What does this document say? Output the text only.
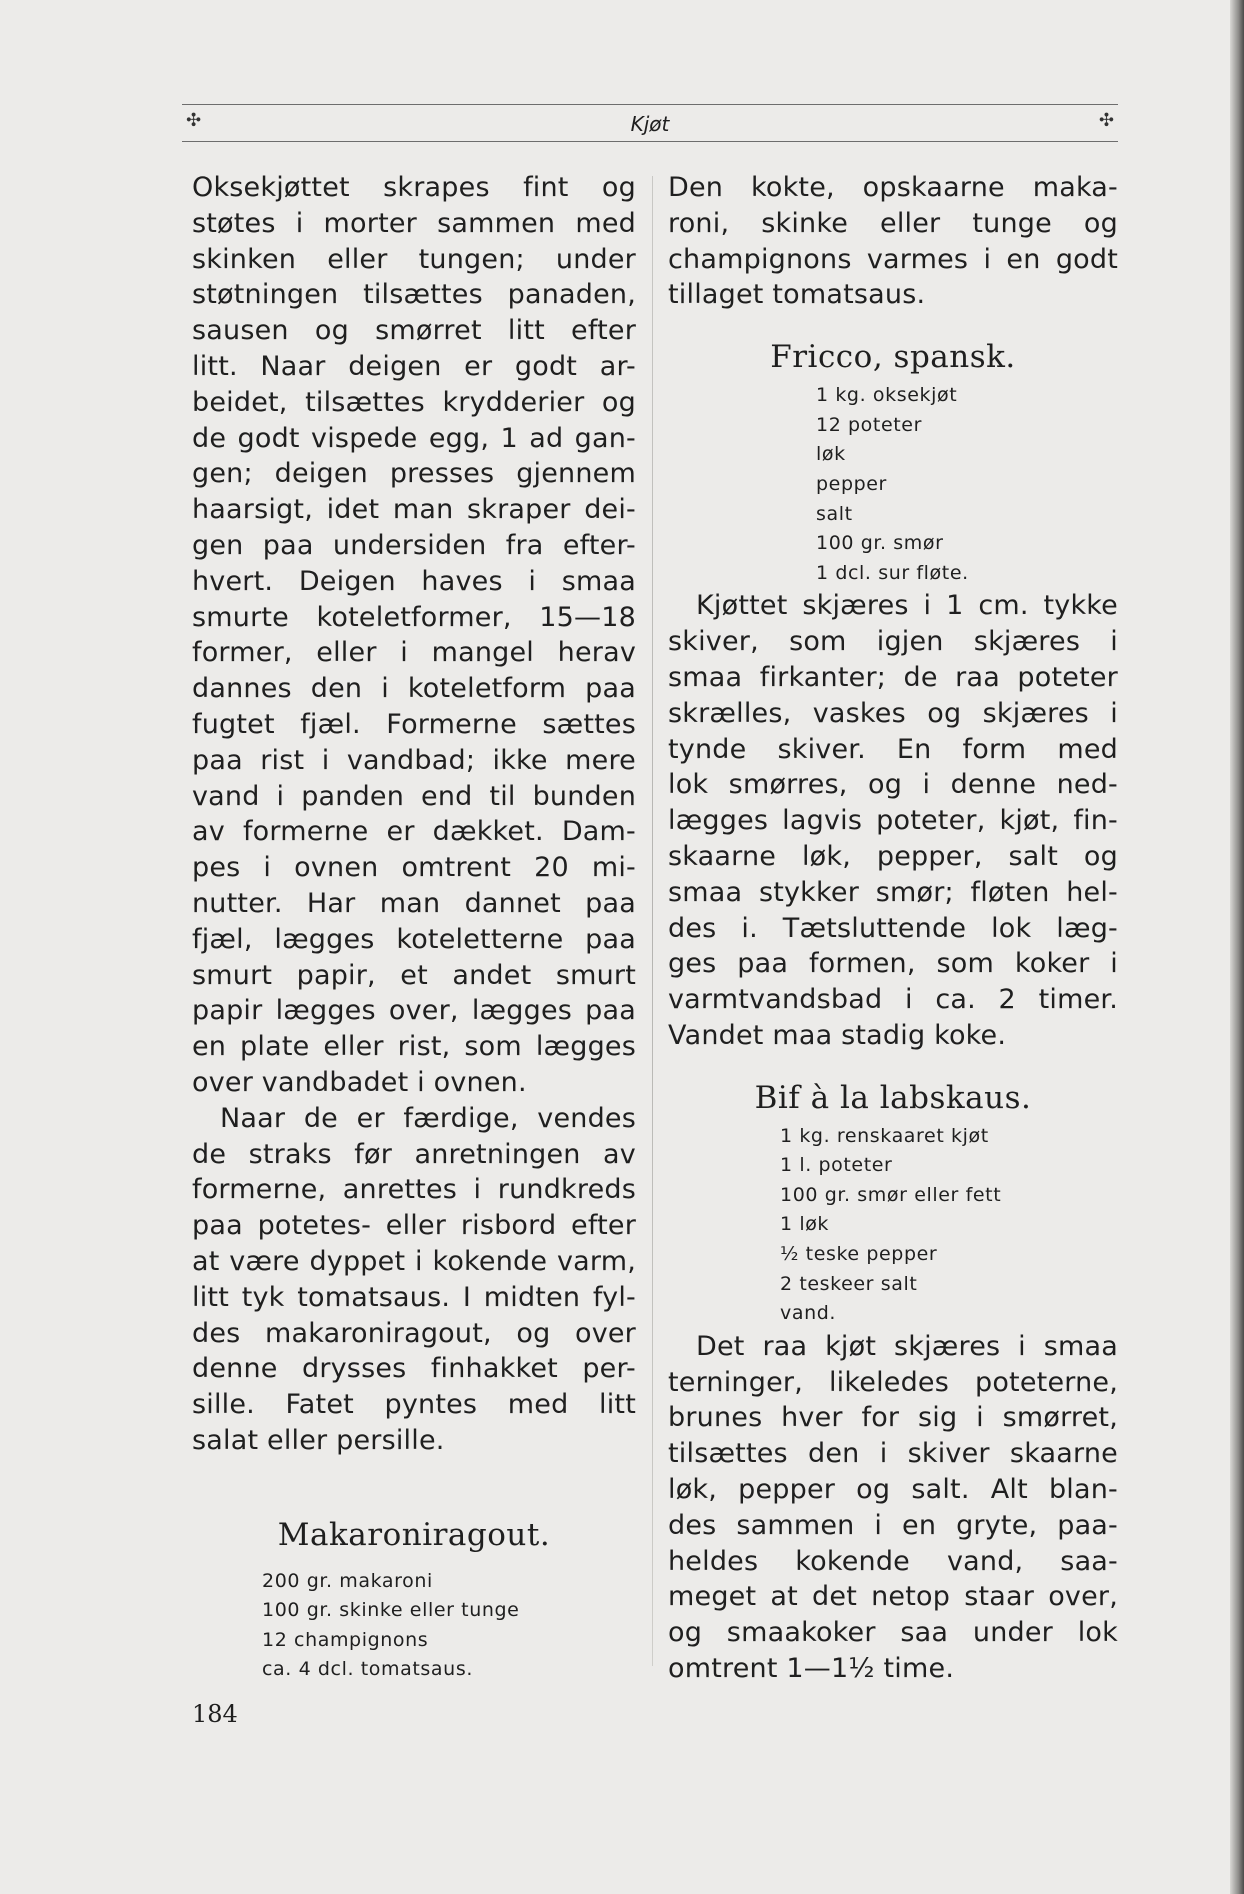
✣	Kjøt	✣

Oksekjøttet skrapes fint og

støtes i morter sammen med

skinken eller tungen; under

støtningen tilsættes panaden,

sausen og smørret litt efter

litt. Naar deigen er godt ar-

beidet, tilsættes krydderier og

de godt vispede egg, 1 ad gan-

gen; deigen presses gjennem

haarsigt, idet man skraper dei-

gen paa undersiden fra efter-

hvert. Deigen haves i smaa

smurte koteletformer, 15—18

former, eller i mangel herav

dannes den i koteletform paa

fugtet fjæl. Formerne sættes

paa rist i vandbad; ikke mere

vand i panden end til bunden

av formerne er dækket. Dam-

pes i ovnen omtrent 20 mi-

nutter. Har man dannet paa

fjæl, lægges koteletterne paa

smurt papir, et andet smurt

papir lægges over, lægges paa

en plate eller rist, som lægges

over vandbadet i ovnen.

Naar de er færdige, vendes

de straks før anretningen av

formerne, anrettes i rundkreds

paa potetes- eller risbord efter

at være dyppet i kokende varm,

litt tyk tomatsaus. I midten fyl-

des makaroniragout, og over

denne drysses finhakket per-

sille. Fatet pyntes med litt

salat eller persille.

Makaroniragout.
200 gr. makaroni
100 gr. skinke eller tunge
12 champignons
ca. 4 dcl. tomatsaus.

Den kokte, opskaarne maka-

roni, skinke eller tunge og

champignons varmes i en godt

tillaget tomatsaus.

Fricco, spansk.
1 kg. oksekjøt
12 poteter
løk
pepper
salt
100 gr. smør
1 dcl. sur fløte.

Kjøttet skjæres i 1 cm. tykke

skiver, som igjen skjæres i

smaa firkanter; de raa poteter

skrælles, vaskes og skjæres i

tynde skiver. En form med

lok smørres, og i denne ned-

lægges lagvis poteter, kjøt, fin-

skaarne løk, pepper, salt og

smaa stykker smør; fløten hel-

des i. Tætsluttende lok læg-

ges paa formen, som koker i

varmtvandsbad i ca. 2 timer.

Vandet maa stadig koke.

Bif à la labskaus.
1 kg. renskaaret kjøt
1 l. poteter
100 gr. smør eller fett
1 løk
½ teske pepper
2 teskeer salt
vand.

Det raa kjøt skjæres i smaa

terninger, likeledes poteterne,

brunes hver for sig i smørret,

tilsættes den i skiver skaarne

løk, pepper og salt. Alt blan-

des sammen i en gryte, paa-

heldes kokende vand, saa-

meget at det netop staar over,

og smaakoker saa under lok

omtrent 1—1½ time.

184
